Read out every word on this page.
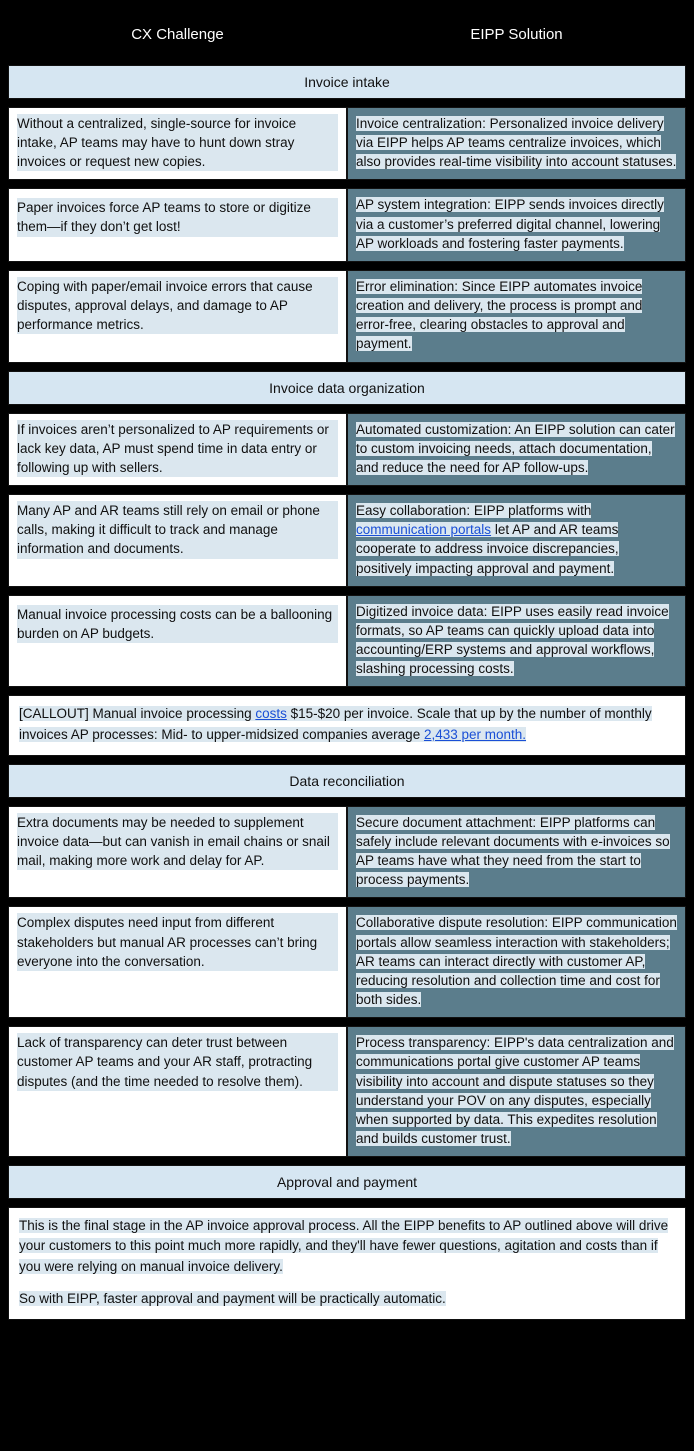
CX Challenge	EIPP Solution
Invoice intake	

Without a centralized, single-source for invoice intake, AP teams may have to hunt down stray invoices or request new copies.	Invoice centralization: Personalized invoice delivery via EIPP helps AP teams centralize invoices, which also provides real-time visibility into account statuses.

Paper invoices force AP teams to store or digitize them—if they don’t get lost!	AP system integration: EIPP sends invoices directly via a customer’s preferred digital channel, lowering AP workloads and fostering faster payments.

Coping with paper/email invoice errors that cause disputes, approval delays, and damage to AP performance metrics.	Error elimination: Since EIPP automates invoice creation and delivery, the process is prompt and error-free, clearing obstacles to approval and payment.

Invoice data organization	

If invoices aren’t personalized to AP requirements or lack key data, AP must spend time in data entry or following up with sellers.	Automated customization: An EIPP solution can cater to custom invoicing needs, attach documentation, and reduce the need for AP follow-ups.

Many AP and AR teams still rely on email or phone calls, making it difficult to track and manage information and documents.	Easy collaboration: EIPP platforms with communication portals let AP and AR teams cooperate to address invoice discrepancies, positively impacting approval and payment.

Manual invoice processing costs can be a ballooning burden on AP budgets.	Digitized invoice data: EIPP uses easily read invoice formats, so AP teams can quickly upload data into accounting/ERP systems and approval workflows, slashing processing costs.

[CALLOUT] Manual invoice processing costs $15-$20 per invoice. Scale that up by the number of monthly invoices AP processes: Mid- to upper-midsized companies average 2,433 per month.	
Data reconciliation	

Extra documents may be needed to supplement invoice data—but can vanish in email chains or snail mail, making more work and delay for AP.	Secure document attachment: EIPP platforms can safely include relevant documents with e-invoices so AP teams have what they need from the start to process payments.

Complex disputes need input from different stakeholders but manual AR processes can’t bring everyone into the conversation.	Collaborative dispute resolution: EIPP communication portals allow seamless interaction with stakeholders; AR teams can interact directly with customer AP, reducing resolution and collection time and cost for both sides.

Lack of transparency can deter trust between customer AP teams and your AR staff, protracting disputes (and the time needed to resolve them).	Process transparency: EIPP's data centralization and communications portal give customer AP teams visibility into account and dispute statuses so they understand your POV on any disputes, especially when supported by data. This expedites resolution and builds customer trust.

Approval and payment	

This is the final stage in the AP invoice approval process. All the EIPP benefits to AP outlined above will drive your customers to this point much more rapidly, and they'll have fewer questions, agitation and costs than if you were relying on manual invoice delivery.

So with EIPP, faster approval and payment will be practically automatic.	
